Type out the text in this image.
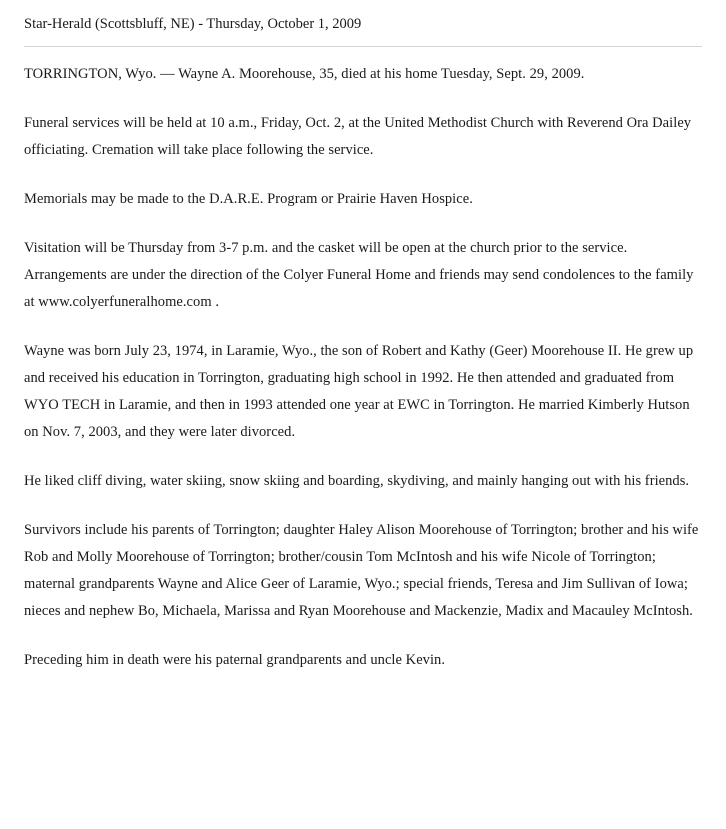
Star-Herald (Scottsbluff, NE) - Thursday, October 1, 2009

TORRINGTON, Wyo. — Wayne A. Moorehouse, 35, died at his home Tuesday, Sept. 29, 2009.

Funeral services will be held at 10 a.m., Friday, Oct. 2, at the United Methodist Church with Reverend Ora Dailey officiating. Cremation will take place following the service.

Memorials may be made to the D.A.R.E. Program or Prairie Haven Hospice.

Visitation will be Thursday from 3-7 p.m. and the casket will be open at the church prior to the service. Arrangements are under the direction of the Colyer Funeral Home and friends may send condolences to the family at www.colyerfuneralhome.com .

Wayne was born July 23, 1974, in Laramie, Wyo., the son of Robert and Kathy (Geer) Moorehouse II. He grew up and received his education in Torrington, graduating high school in 1992. He then attended and graduated from WYO TECH in Laramie, and then in 1993 attended one year at EWC in Torrington. He married Kimberly Hutson on Nov. 7, 2003, and they were later divorced.

He liked cliff diving, water skiing, snow skiing and boarding, skydiving, and mainly hanging out with his friends.

Survivors include his parents of Torrington; daughter Haley Alison Moorehouse of Torrington; brother and his wife Rob and Molly Moorehouse of Torrington; brother/cousin Tom McIntosh and his wife Nicole of Torrington; maternal grandparents Wayne and Alice Geer of Laramie, Wyo.; special friends, Teresa and Jim Sullivan of Iowa; nieces and nephew Bo, Michaela, Marissa and Ryan Moorehouse and Mackenzie, Madix and Macauley McIntosh.

Preceding him in death were his paternal grandparents and uncle Kevin.
